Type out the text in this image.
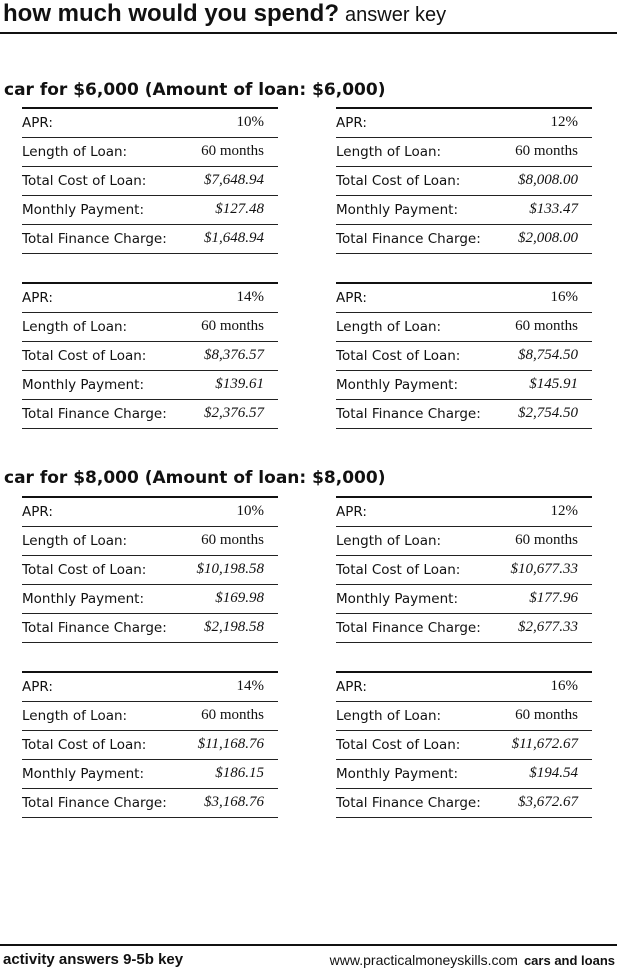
how much would you spend? answer key
car for $6,000 (Amount of loan: $6,000)
APR:	10%
Length of Loan:	60 months
Total Cost of Loan:	$7,648.94
Monthly Payment:	$127.48
Total Finance Charge: $1,648.94
APR:	12%
Length of Loan:	60 months
Total Cost of Loan:	$8,008.00
Monthly Payment:	$133.47
Total Finance Charge: $2,008.00
APR:	14%
Length of Loan:	60 months
Total Cost of Loan:	$8,376.57
Monthly Payment:	$139.61
Total Finance Charge: $2,376.57
APR:	16%
Length of Loan:	60 months
Total Cost of Loan:	$8,754.50
Monthly Payment:	$145.91
Total Finance Charge: $2,754.50
car for $8,000 (Amount of loan: $8,000)
APR:	10%
Length of Loan:	60 months
Total Cost of Loan:	$10,198.58
Monthly Payment:	$169.98
Total Finance Charge: $2,198.58
APR:	12%
Length of Loan:	60 months
Total Cost of Loan:	$10,677.33
Monthly Payment:	$177.96
Total Finance Charge: $2,677.33
APR:	14%
Length of Loan:	60 months
Total Cost of Loan:	$11,168.76
Monthly Payment:	$186.15
Total Finance Charge: $3,168.76
APR:	16%
Length of Loan:	60 months
Total Cost of Loan:	$11,672.67
Monthly Payment:	$194.54
Total Finance Charge: $3,672.67
activity answers 9-5b key	www.practicalmoneyskills.com cars and loans
